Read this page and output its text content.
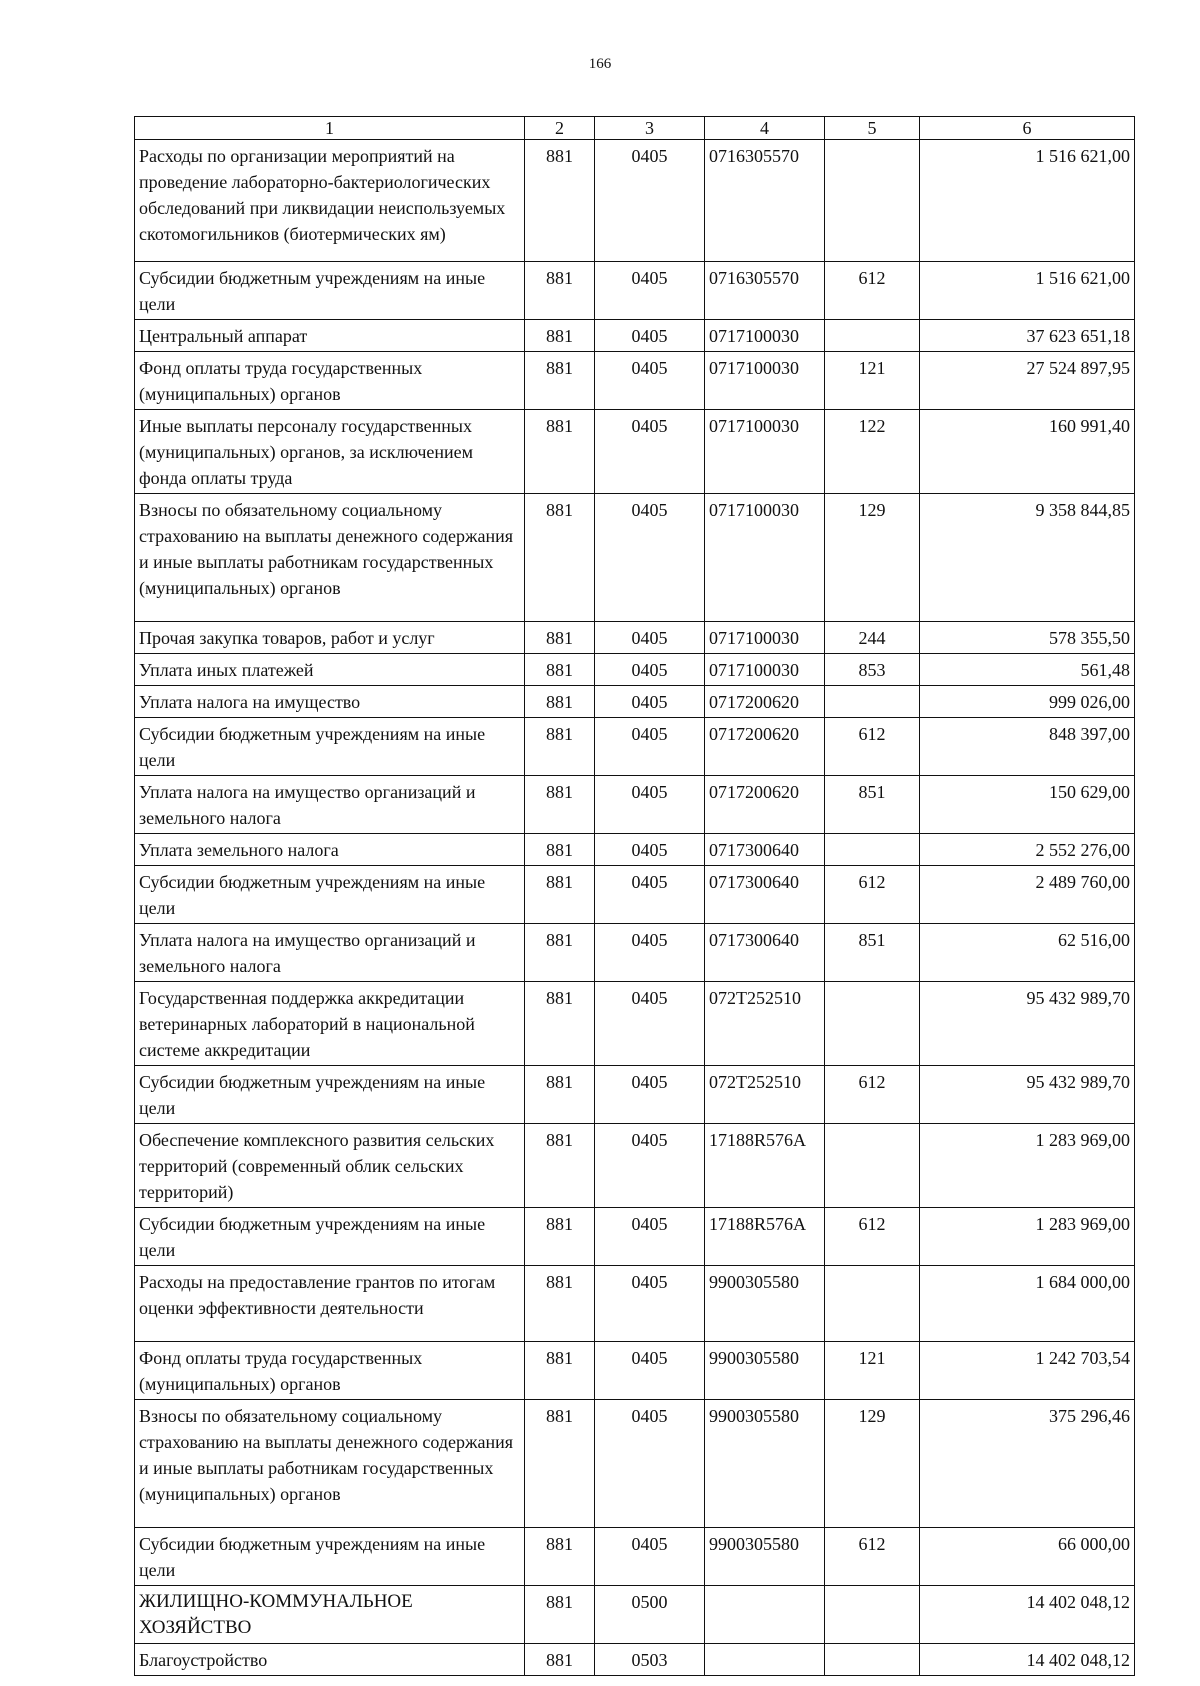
166
1	2	3	4	5	6
Расходы по организации мероприятий на проведение лабораторно-бактериологических обследований при ликвидации неиспользуемых скотомогильников (биотермических ям)	881	0405	0716305570		1 516 621,00
Субсидии бюджетным учреждениям на иные цели	881	0405	0716305570	612	1 516 621,00
Центральный аппарат	881	0405	0717100030		37 623 651,18
Фонд оплаты труда государственных (муниципальных) органов	881	0405	0717100030	121	27 524 897,95
Иные выплаты персоналу государственных (муниципальных) органов, за исключением фонда оплаты труда	881	0405	0717100030	122	160 991,40
Взносы по обязательному социальному страхованию на выплаты денежного содержания и иные выплаты работникам государственных (муниципальных) органов	881	0405	0717100030	129	9 358 844,85
Прочая закупка товаров, работ и услуг	881	0405	0717100030	244	578 355,50
Уплата иных платежей	881	0405	0717100030	853	561,48
Уплата налога на имущество	881	0405	0717200620		999 026,00
Субсидии бюджетным учреждениям на иные цели	881	0405	0717200620	612	848 397,00
Уплата налога на имущество организаций и земельного налога	881	0405	0717200620	851	150 629,00
Уплата земельного налога	881	0405	0717300640		2 552 276,00
Субсидии бюджетным учреждениям на иные цели	881	0405	0717300640	612	2 489 760,00
Уплата налога на имущество организаций и земельного налога	881	0405	0717300640	851	62 516,00
Государственная поддержка аккредитации ветеринарных лабораторий в национальной системе аккредитации	881	0405	072Т252510		95 432 989,70
Субсидии бюджетным учреждениям на иные цели	881	0405	072Т252510	612	95 432 989,70
Обеспечение комплексного развития сельских территорий (современный облик сельских территорий)	881	0405	17188R576A		1 283 969,00
Субсидии бюджетным учреждениям на иные цели	881	0405	17188R576A	612	1 283 969,00
Расходы на предоставление грантов по итогам оценки эффективности деятельности	881	0405	9900305580		1 684 000,00
Фонд оплаты труда государственных (муниципальных) органов	881	0405	9900305580	121	1 242 703,54
Взносы по обязательному социальному страхованию на выплаты денежного содержания и иные выплаты работникам государственных (муниципальных) органов	881	0405	9900305580	129	375 296,46
Субсидии бюджетным учреждениям на иные цели	881	0405	9900305580	612	66 000,00
ЖИЛИЩНО-КОММУНАЛЬНОЕ ХОЗЯЙСТВО	881	0500			14 402 048,12
Благоустройство	881	0503			14 402 048,12
